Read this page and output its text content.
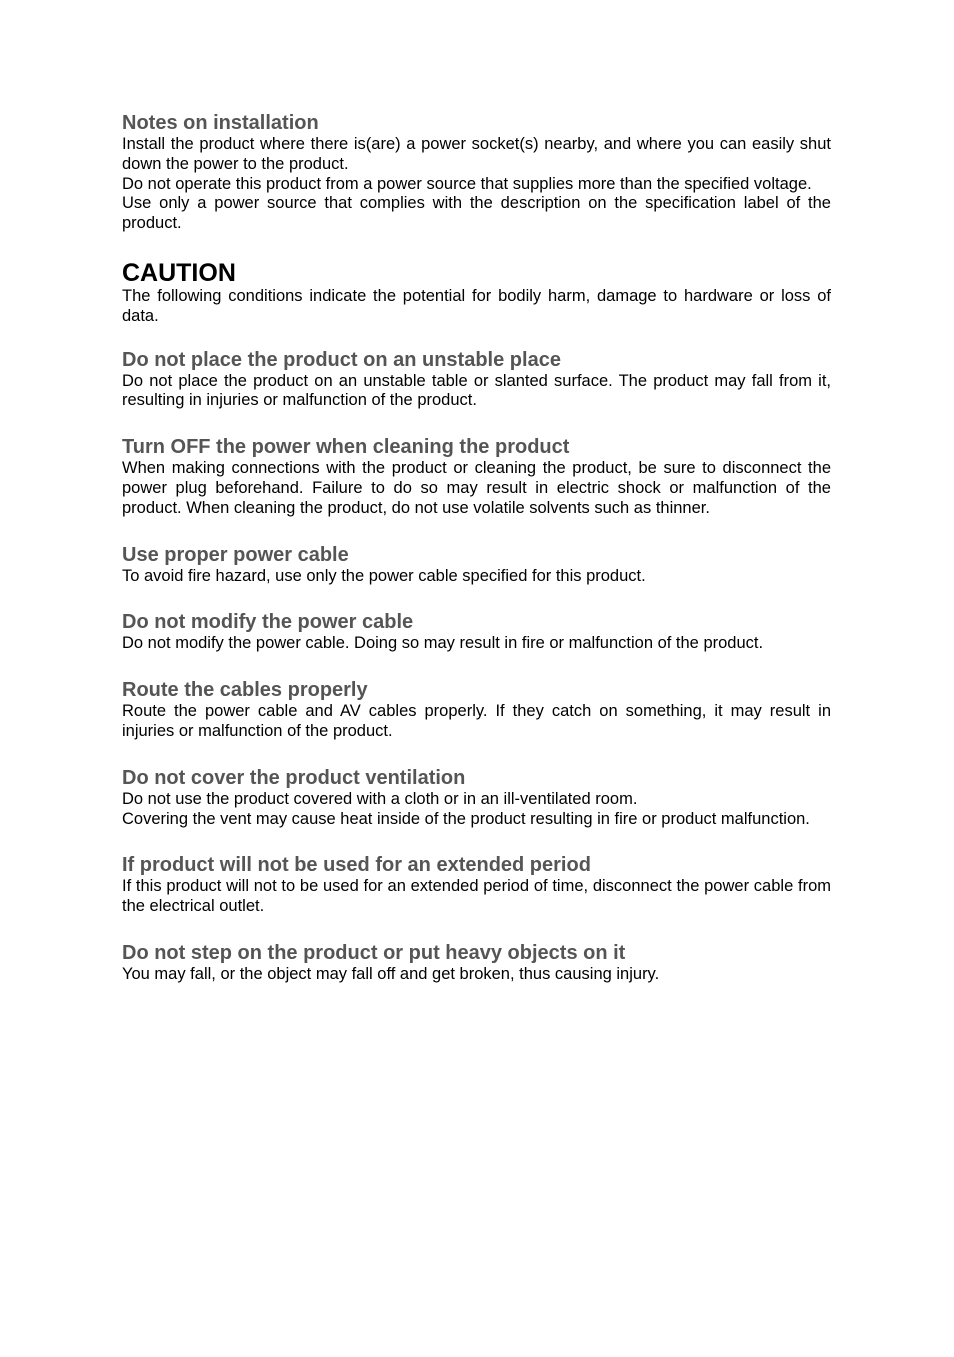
Notes on installation

Install the product where there is(are) a power socket(s) nearby, and where you can easily shut down the power to the product.

Do not operate this product from a power source that supplies more than the specified voltage.

Use only a power source that complies with the description on the specification label of the product.

CAUTION

The following conditions indicate the potential for bodily harm, damage to hardware or loss of data.

Do not place the product on an unstable place

Do not place the product on an unstable table or slanted surface. The product may fall from it, resulting in injuries or malfunction of the product.

Turn OFF the power when cleaning the product

When making connections with the product or cleaning the product, be sure to disconnect the power plug beforehand. Failure to do so may result in electric shock or malfunction of the product. When cleaning the product, do not use volatile solvents such as thinner.

Use proper power cable

To avoid fire hazard, use only the power cable specified for this product.

Do not modify the power cable

Do not modify the power cable. Doing so may result in fire or malfunction of the product.

Route the cables properly

Route the power cable and AV cables properly. If they catch on something, it may result in injuries or malfunction of the product.

Do not cover the product ventilation

Do not use the product covered with a cloth or in an ill-ventilated room.

Covering the vent may cause heat inside of the product resulting in fire or product malfunction.

If product will not be used for an extended period

If this product will not to be used for an extended period of time, disconnect the power cable from the electrical outlet.

Do not step on the product or put heavy objects on it

You may fall, or the object may fall off and get broken, thus causing injury.
